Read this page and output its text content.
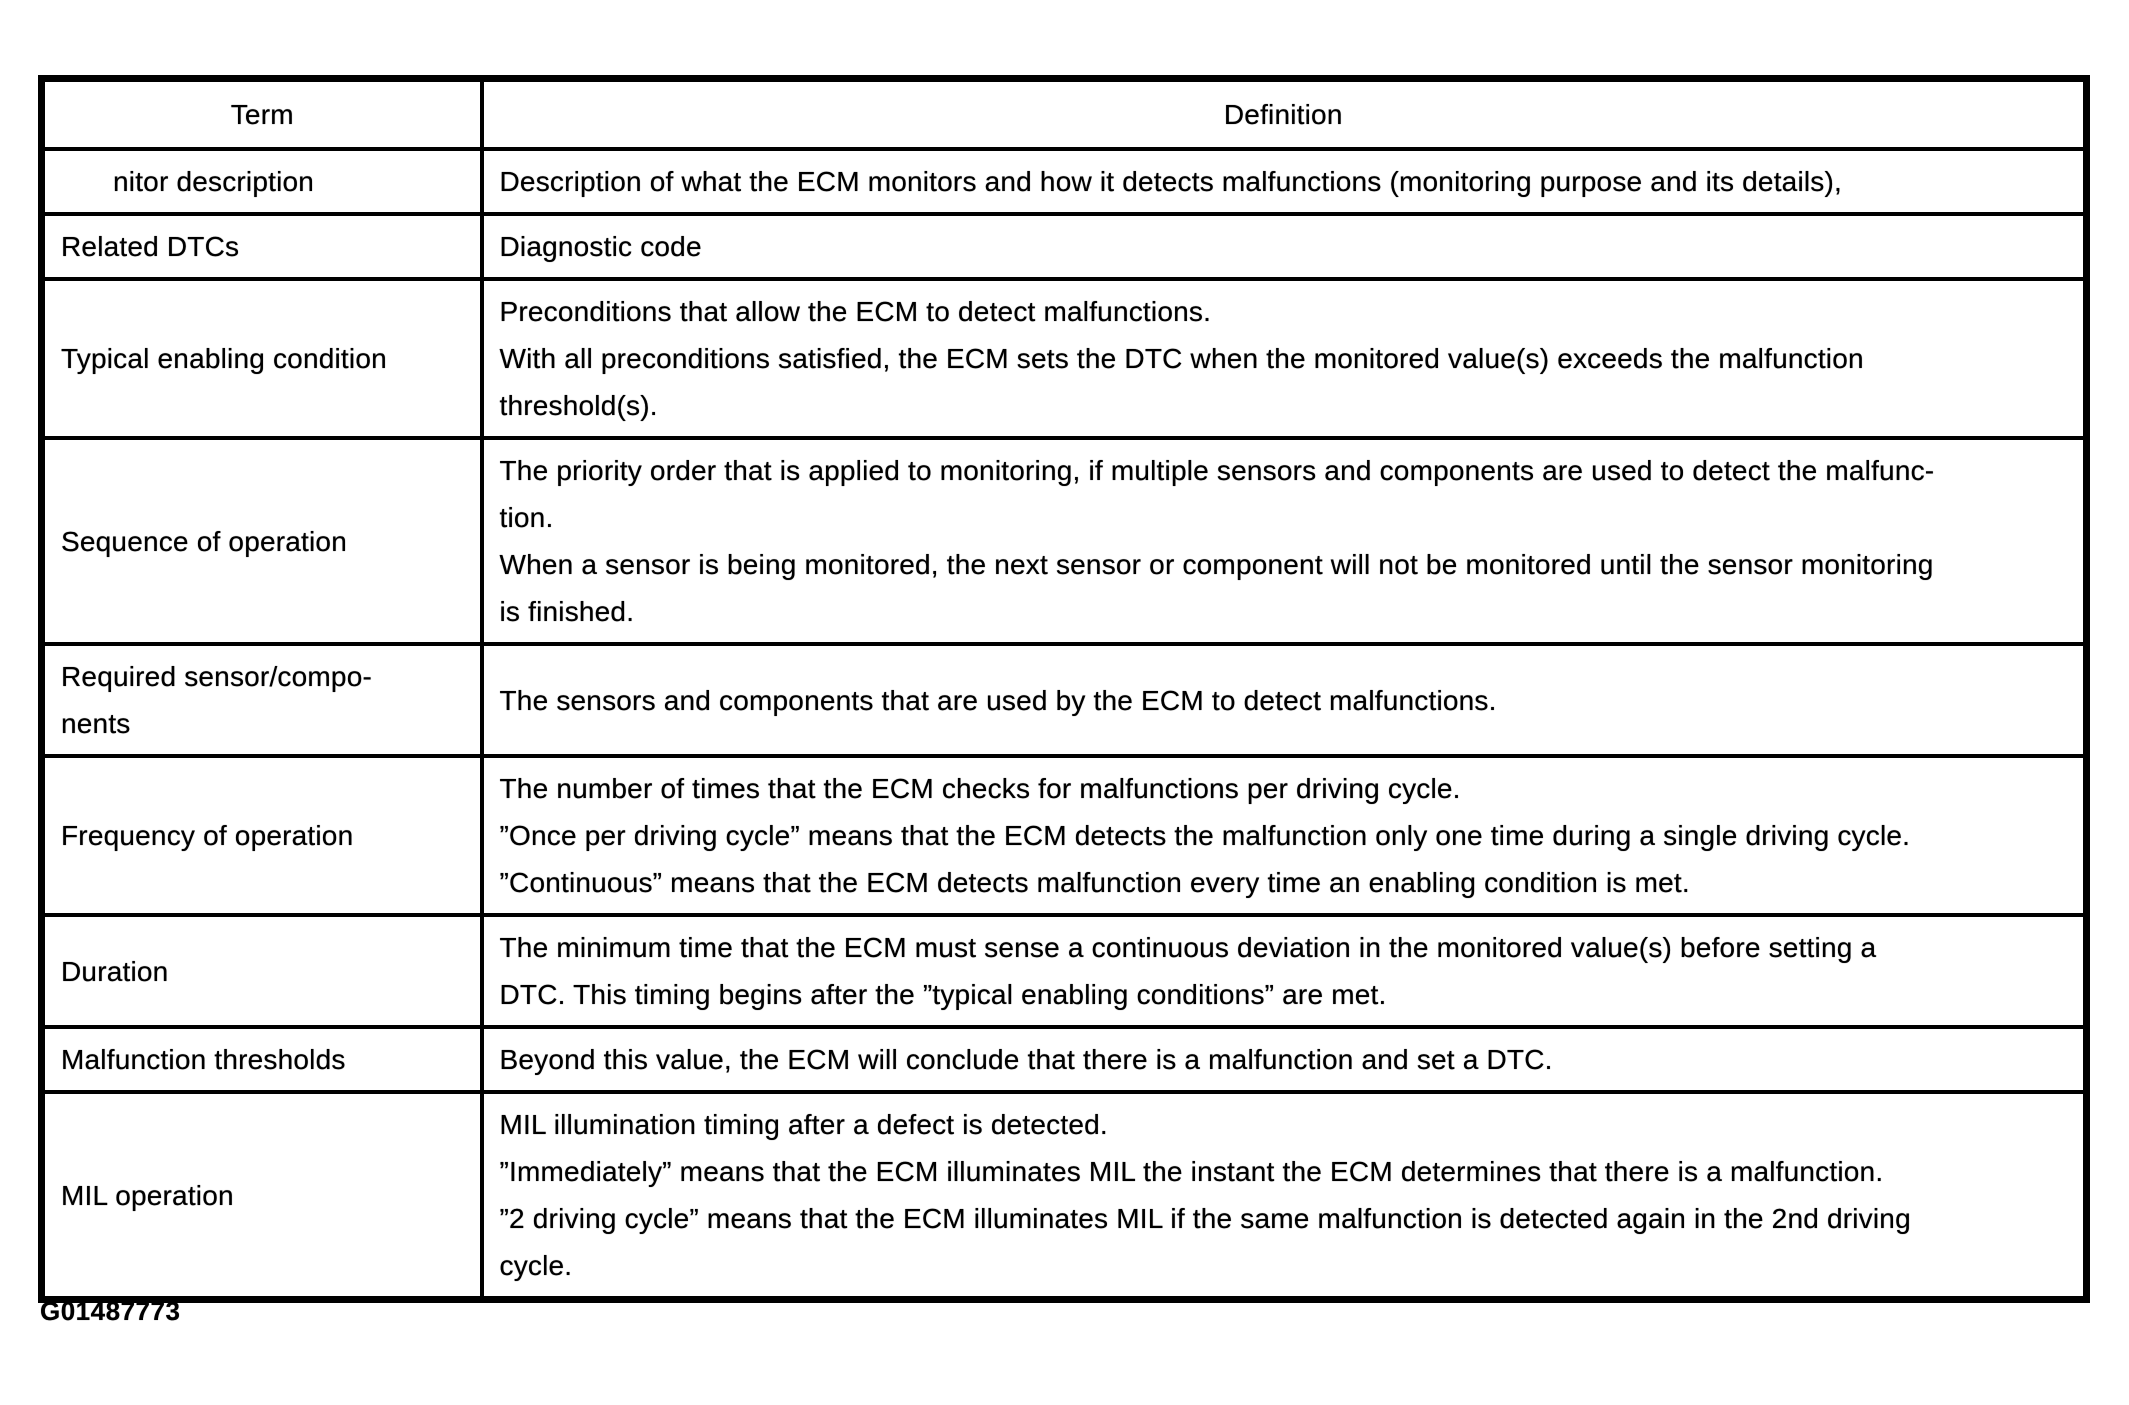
Term	Definition

nitor description	Description of what the ECM monitors and how it detects malfunctions (monitoring purpose and its details),

Related DTCs	Diagnostic code

Typical enabling condition	Preconditions that allow the ECM to detect malfunctions.
With all preconditions satisfied, the ECM sets the DTC when the monitored value(s) exceeds the malfunction
threshold(s).

Sequence of operation	The priority order that is applied to monitoring, if multiple sensors and components are used to detect the malfunc-
tion.
When a sensor is being monitored, the next sensor or component will not be monitored until the sensor monitoring
is finished.

Required sensor/compo-
nents	The sensors and components that are used by the ECM to detect malfunctions.

Frequency of operation	The number of times that the ECM checks for malfunctions per driving cycle.
”Once per driving cycle” means that the ECM detects the malfunction only one time during a single driving cycle.
”Continuous” means that the ECM detects malfunction every time an enabling condition is met.

Duration	The minimum time that the ECM must sense a continuous deviation in the monitored value(s) before setting a
DTC. This timing begins after the ”typical enabling conditions” are met.

Malfunction thresholds	Beyond this value, the ECM will conclude that there is a malfunction and set a DTC.

MIL operation	MIL illumination timing after a defect is detected.
”Immediately” means that the ECM illuminates MIL the instant the ECM determines that there is a malfunction.
”2 driving cycle” means that the ECM illuminates MIL if the same malfunction is detected again in the 2nd driving
cycle.
G01487773
